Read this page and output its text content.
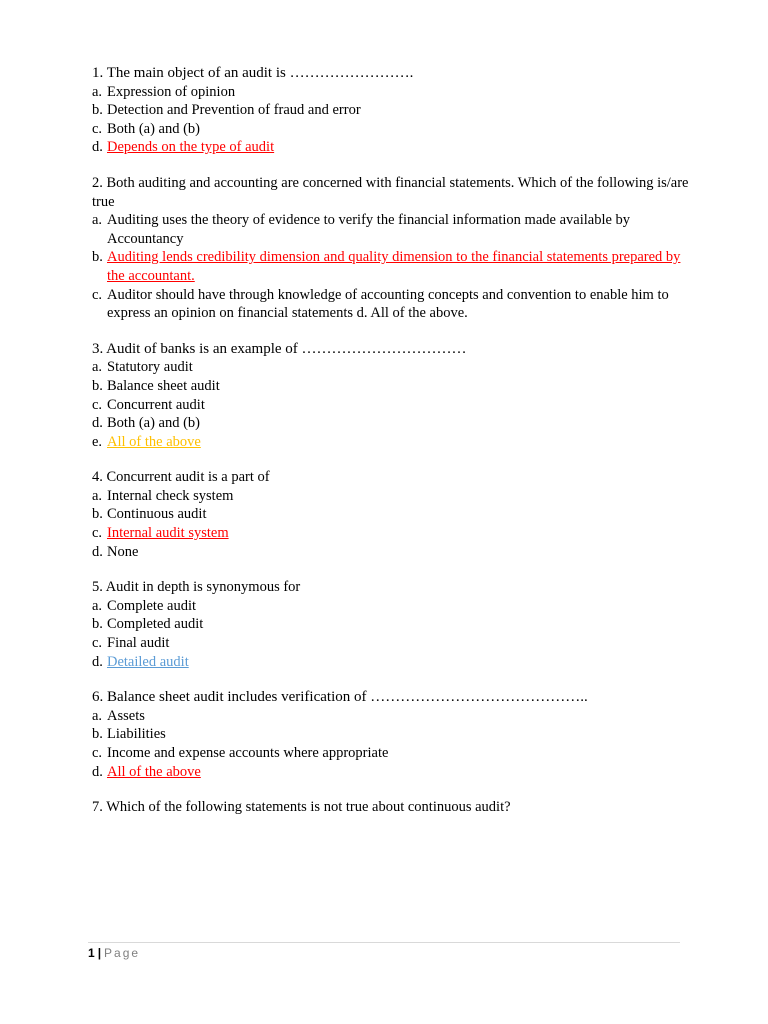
1. The main object of an audit is …………………….
a. Expression of opinion
b. Detection and Prevention of fraud and error
c. Both (a) and (b)
d. Depends on the type of audit
2. Both auditing and accounting are concerned with financial statements. Which of the following is/are true
a. Auditing uses the theory of evidence to verify the financial information made available by Accountancy
b. Auditing lends credibility dimension and quality dimension to the financial statements prepared by the accountant.
c. Auditor should have through knowledge of accounting concepts and convention to enable him to express an opinion on financial statements d. All of the above.
3. Audit of banks is an example of ……………………………
a. Statutory audit
b. Balance sheet audit
c. Concurrent audit
d. Both (a) and (b)
e. All of the above
4. Concurrent audit is a part of
a. Internal check system
b. Continuous audit
c. Internal audit system
d. None
5. Audit in depth is synonymous for
a. Complete audit
b. Completed audit
c. Final audit
d. Detailed audit
6. Balance sheet audit includes verification of ……………………………………..
a. Assets
b. Liabilities
c. Income and expense accounts where appropriate
d. All of the above
7. Which of the following statements is not true about continuous audit?
1 | Page
